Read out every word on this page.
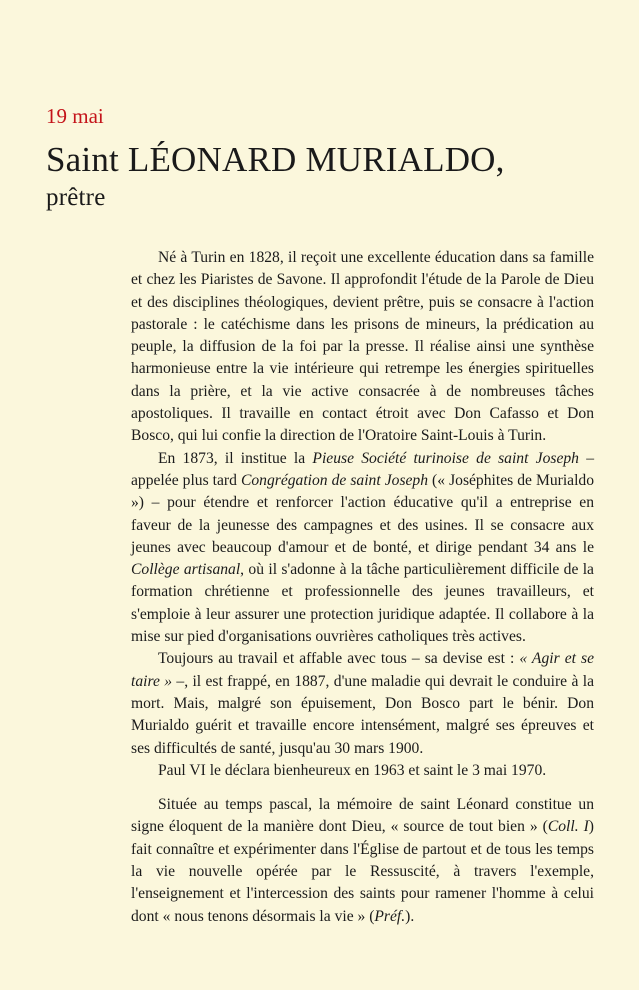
19 mai

Saint LÉONARD MURIALDO,
prêtre

Né à Turin en 1828, il reçoit une excellente éducation dans sa famille et chez les Piaristes de Savone. Il approfondit l'étude de la Parole de Dieu et des disciplines théologiques, devient prêtre, puis se consacre à l'action pastorale : le catéchisme dans les prisons de mineurs, la prédication au peuple, la diffusion de la foi par la presse. Il réalise ainsi une synthèse harmonieuse entre la vie intérieure qui retrempe les énergies spirituelles dans la prière, et la vie active consacrée à de nombreuses tâches apostoliques. Il travaille en contact étroit avec Don Cafasso et Don Bosco, qui lui confie la direction de l'Oratoire Saint-Louis à Turin.

En 1873, il institue la Pieuse Société turinoise de saint Joseph – appelée plus tard Congrégation de saint Joseph (« Joséphites de Murialdo ») – pour étendre et renforcer l'action éducative qu'il a entreprise en faveur de la jeunesse des campagnes et des usines. Il se consacre aux jeunes avec beaucoup d'amour et de bonté, et dirige pendant 34 ans le Collège artisanal, où il s'adonne à la tâche particulièrement difficile de la formation chrétienne et professionnelle des jeunes travailleurs, et s'emploie à leur assurer une protection juridique adaptée. Il collabore à la mise sur pied d'organisations ouvrières catholiques très actives.

Toujours au travail et affable avec tous – sa devise est : « Agir et se taire » –, il est frappé, en 1887, d'une maladie qui devrait le conduire à la mort. Mais, malgré son épuisement, Don Bosco part le bénir. Don Murialdo guérit et travaille encore intensément, malgré ses épreuves et ses difficultés de santé, jusqu'au 30 mars 1900.

Paul VI le déclara bienheureux en 1963 et saint le 3 mai 1970.

Située au temps pascal, la mémoire de saint Léonard constitue un signe éloquent de la manière dont Dieu, « source de tout bien » (Coll. I) fait connaître et expérimenter dans l'Église de partout et de tous les temps la vie nouvelle opérée par le Ressuscité, à travers l'exemple, l'enseignement et l'intercession des saints pour ramener l'homme à celui dont « nous tenons désormais la vie » (Préf.).
